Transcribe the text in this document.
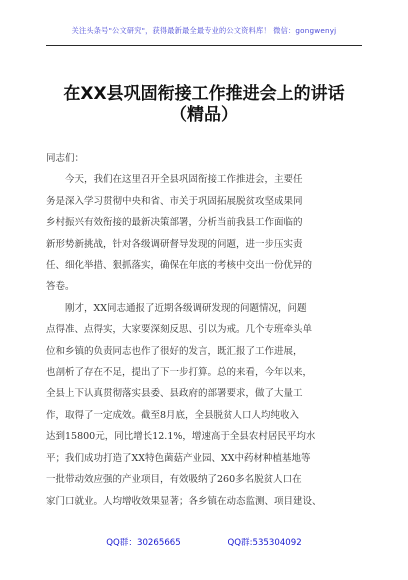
关注头条号"公文研究"，获得最新最全最专业的公文资料库！ 微信：gongwenyj
在XX县巩固衔接工作推进会上的讲话
（精品）
同志们：
今天，我们在这里召开全县巩固衔接工作推进会，主要任
务是深入学习贯彻中央和省、市关于巩固拓展脱贫攻坚成果同
乡村振兴有效衔接的最新决策部署，分析当前我县工作面临的
新形势新挑战，针对各级调研督导发现的问题，进一步压实责
任、细化举措、狠抓落实，确保在年底的考核中交出一份优异的
答卷。
刚才，XX同志通报了近期各级调研发现的问题情况，问题
点得准、点得实，大家要深刻反思、引以为戒。几个专班牵头单
位和乡镇的负责同志也作了很好的发言，既汇报了工作进展，
也剖析了存在不足，提出了下一步打算。总的来看，今年以来，
全县上下认真贯彻落实县委、县政府的部署要求，做了大量工
作，取得了一定成效。截至8月底，全县脱贫人口人均纯收入
达到15800元，同比增长12.1%，增速高于全县农村居民平均水
平；我们成功打造了XX特色菌菇产业园、XX中药材种植基地等
一批带动效应强的产业项目，有效吸纳了260多名脱贫人口在
家门口就业。人均增收效果显著；各乡镇在动态监测、项目建设、
QQ群：30265665	QQ群:535304092
